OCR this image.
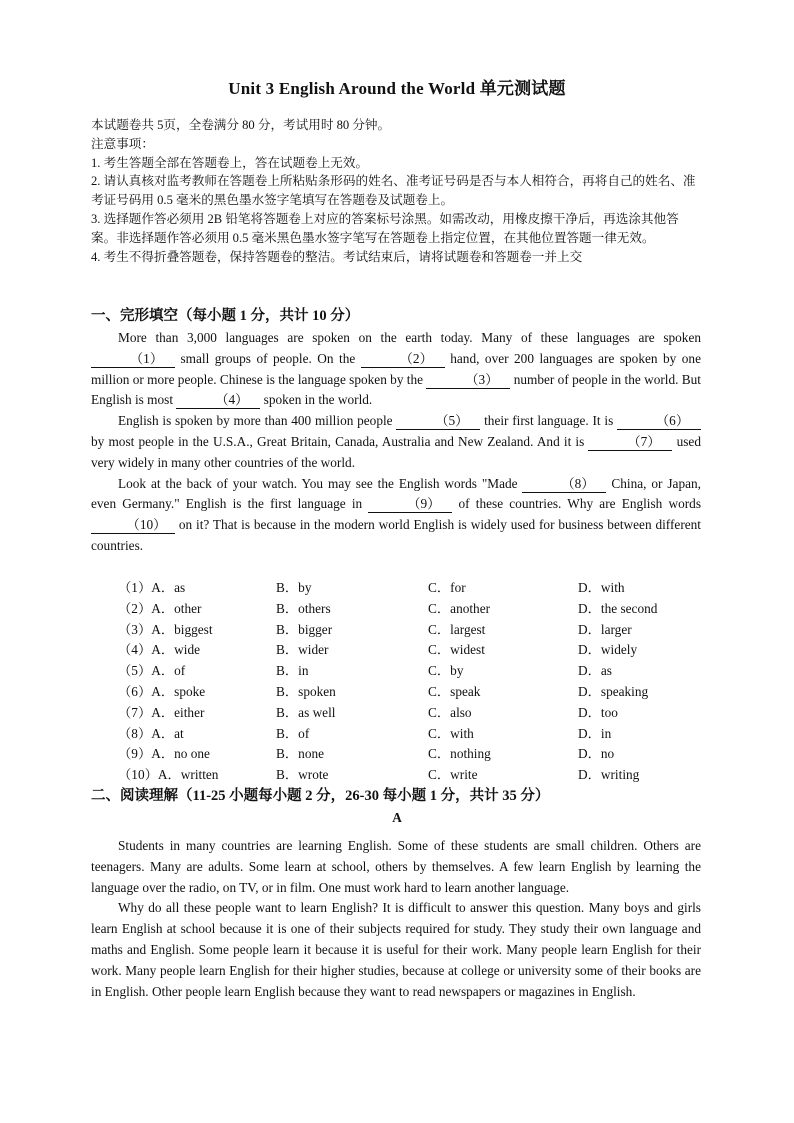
Unit 3 English Around the World 单元测试题

本试题卷共 5页，全卷满分 80 分，考试用时 80 分钟。

注意事项：

1. 考生答题全部在答题卷上，答在试题卷上无效。

2. 请认真核对监考教师在答题卷上所粘贴条形码的姓名、准考证号码是否与本人相符合，再将自己的姓名、准考证号码用 0.5 毫米的黑色墨水签字笔填写在答题卷及试题卷上。

3. 选择题作答必须用 2B 铅笔将答题卷上对应的答案标号涂黑。如需改动，用橡皮擦干净后，再选涂其他答案。非选择题作答必须用 0.5 毫米黑色墨水签字笔写在答题卷上指定位置，在其他位置答题一律无效。

4. 考生不得折叠答题卷，保持答题卷的整洁。考试结束后，请将试题卷和答题卷一并上交

一、完形填空（每小题 1 分，共计 10 分）

More than 3,000 languages are spoken on the earth today. Many of these languages are spoken （1） small groups of people. On the	（2） hand, over 200 languages are spoken by one million or more people. Chinese is the language spoken by the	（3） number of people in the world. But English is most	（4） spoken in the world.

English is spoken by more than 400 million people	（5） their first language. It is	（6） by most people in the U.S.A., Great Britain, Canada, Australia and New Zealand. And it is	（7） used very widely in many other countries of the world.

Look at the back of your watch. You may see the English words "Made	（8） China, or Japan, even Germany." English is the first language in	（9） of these countries. Why are English words （10） on it? That is because in the modern world English is widely used for business between different countries.

（1）A．as	B．by	C．for	D．with
（2）A．other	B．others	C．another	D．the second
（3）A．biggest	B．bigger	C．largest	D．larger
（4）A．wide	B．wider	C．widest	D．widely
（5）A．of	B．in	C．by	D．as
（6）A．spoke	B．spoken	C．speak	D．speaking
（7）A．either	B．as well	C．also	D．too
（8）A．at	B．of	C．with	D．in
（9）A．no one	B．none	C．nothing	D．no
（10）A．written	B．wrote	C．write	D．writing
二、阅读理解（11-25 小题每小题 2 分，26-30 每小题 1 分，共计 35 分）
A

Students in many countries are learning English. Some of these students are small children. Others are teenagers. Many are adults. Some learn at school, others by themselves. A few learn English by learning the language over the radio, on TV, or in film. One must work hard to learn another language.

Why do all these people want to learn English? It is difficult to answer this question. Many boys and girls learn English at school because it is one of their subjects required for study. They study their own language and maths and English. Some people learn it because it is useful for their work. Many people learn English for their work. Many people learn English for their higher studies, because at college or university some of their books are in English. Other people learn English because they want to read newspapers or magazines in English.
